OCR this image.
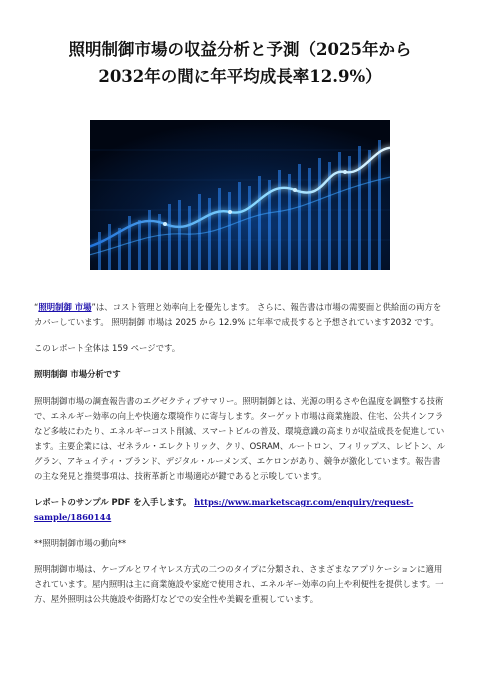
照明制御市場の収益分析と予測（2025年から
2032年の間に年平均成長率12.9%）

“照明制御 市場”は、コスト管理と効率向上を優先します。 さらに、報告書は市場の需要面と供給面の両方をカバーしています。 照明制御 市場は 2025 から 12.9% に年率で成長すると予想されています2032 です。

このレポート全体は 159 ページです。

照明制御 市場分析です

照明制御市場の調査報告書のエグゼクティブサマリー。照明制御とは、光源の明るさや色温度を調整する技術で、エネルギー効率の向上や快適な環境作りに寄与します。ターゲット市場は商業施設、住宅、公共インフラなど多岐にわたり、エネルギーコスト削減、スマートビルの普及、環境意識の高まりが収益成長を促進しています。主要企業には、ゼネラル・エレクトリック、クリ、OSRAM、ルートロン、フィリップス、レビトン、ルグラン、アキュイティ・ブランド、デジタル・ルーメンズ、エケロンがあり、競争が激化しています。報告書の主な発見と推奨事項は、技術革新と市場適応が鍵であると示唆しています。

レポートのサンプル PDF を入手します。 https://www.marketscagr.com/enquiry/request-sample/1860144

**照明制御市場の動向**

照明制御市場は、ケーブルとワイヤレス方式の二つのタイプに分類され、さまざまなアプリケーションに適用されています。屋内照明は主に商業施設や家庭で使用され、エネルギー効率の向上や利便性を提供します。一方、屋外照明は公共施設や街路灯などでの安全性や美観を重視しています。
